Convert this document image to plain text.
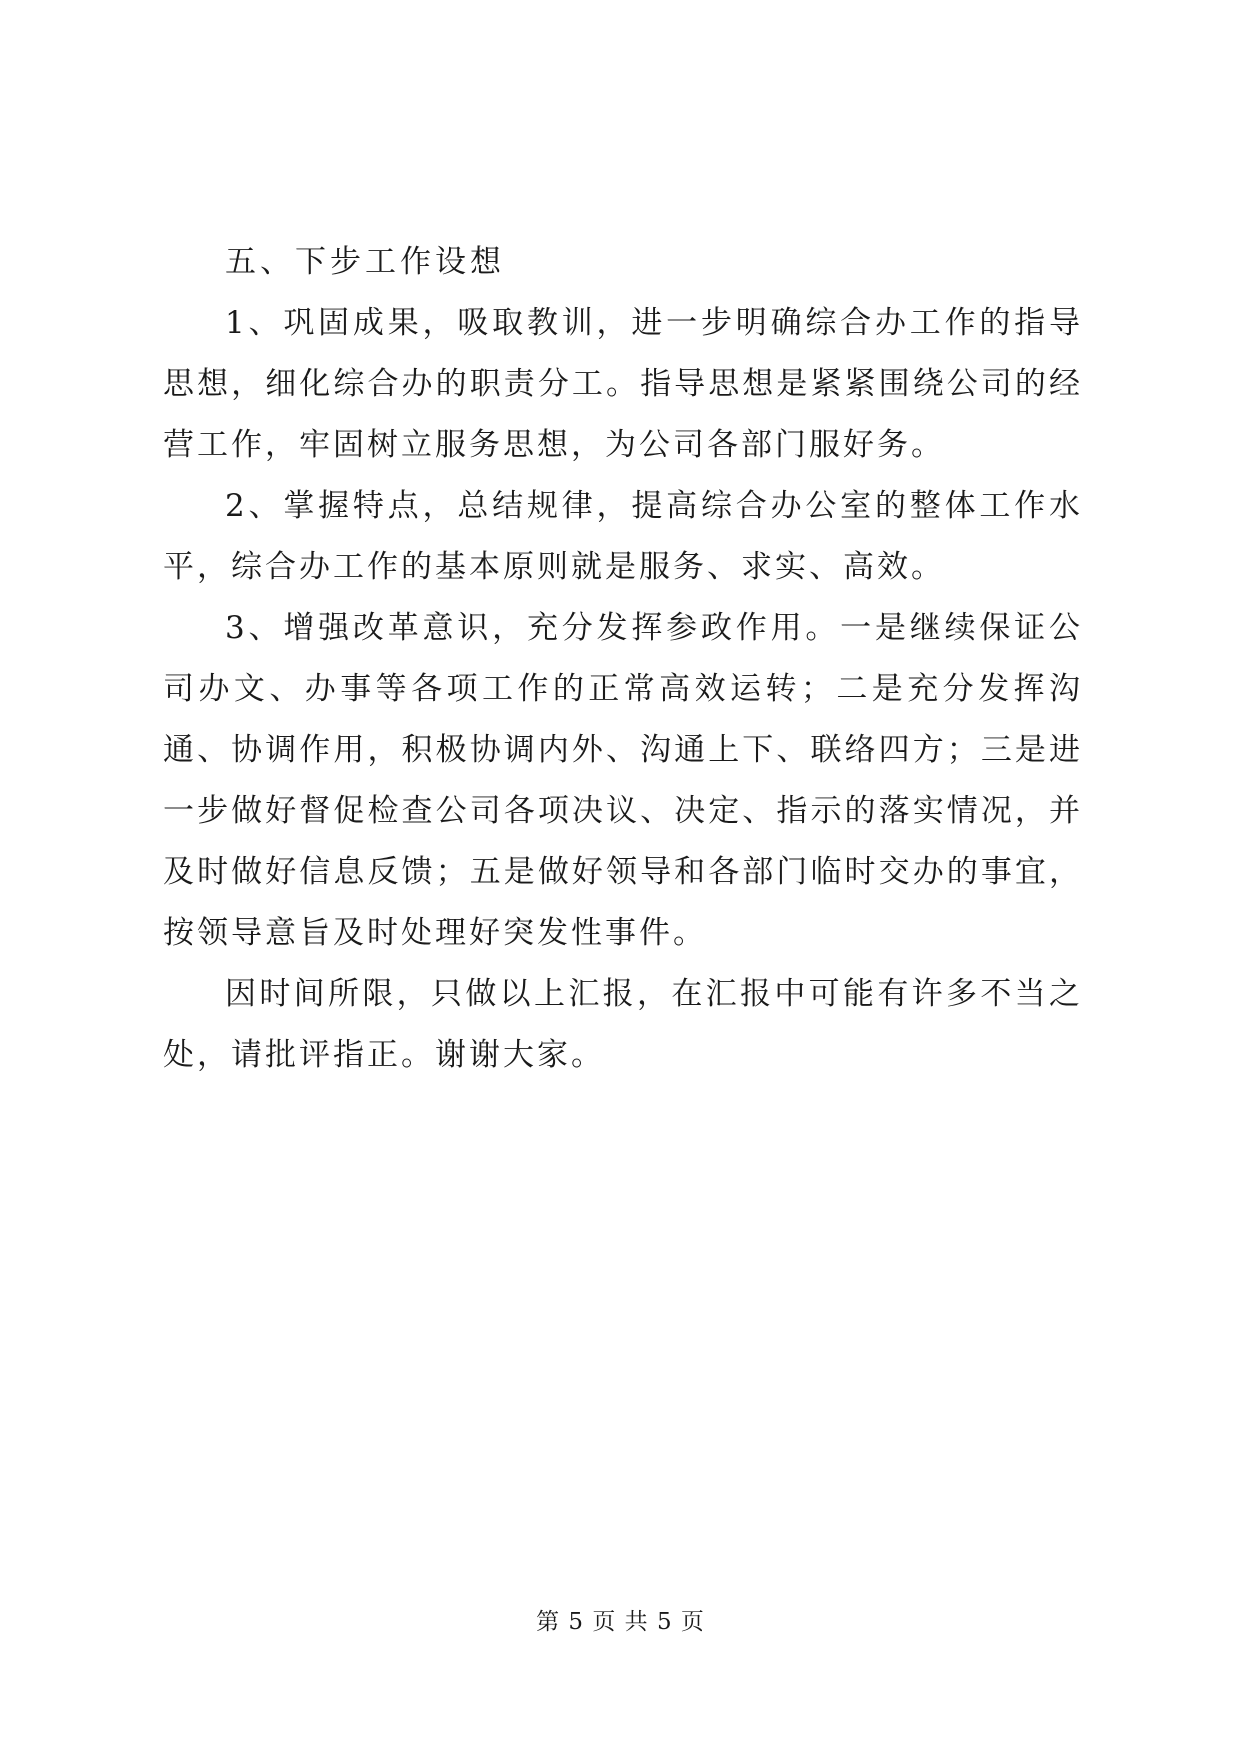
五、下步工作设想

1、巩固成果，吸取教训，进一步明确综合办工作的指导思想，细化综合办的职责分工。指导思想是紧紧围绕公司的经营工作，牢固树立服务思想，为公司各部门服好务。

2、掌握特点，总结规律，提高综合办公室的整体工作水平，综合办工作的基本原则就是服务、求实、高效。

3、增强改革意识，充分发挥参政作用。一是继续保证公司办文、办事等各项工作的正常高效运转；二是充分发挥沟通、协调作用，积极协调内外、沟通上下、联络四方；三是进一步做好督促检查公司各项决议、决定、指示的落实情况，并及时做好信息反馈；五是做好领导和各部门临时交办的事宜，按领导意旨及时处理好突发性事件。

因时间所限，只做以上汇报，在汇报中可能有许多不当之处，请批评指正。谢谢大家。

第 5 页 共 5 页
